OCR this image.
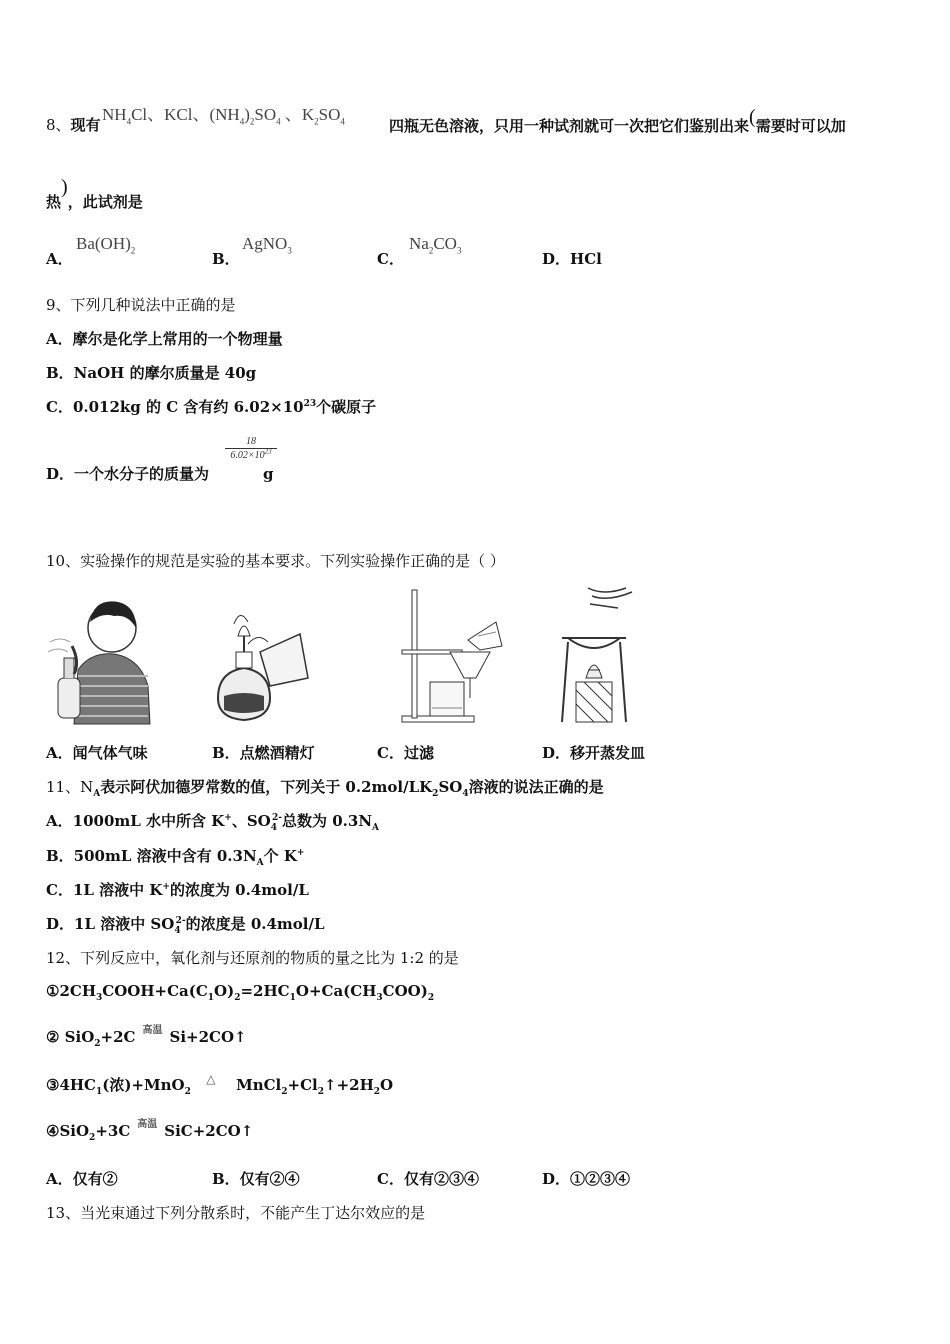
8、现有
$NH_4Cl$、KCl、$(NH_4)_2SO_4$ 、$K_2SO_4$	四瓶无色溶液，只用一种试剂就可一次把它们鉴别出来(需要时可以加
热)，此试剂是
A．
$Ba(OH)_2$	B．
AgNO$_3$	C．
$Na_2CO_3$	D．HCl
9、下列几种说法中正确的是
A．摩尔是化学上常用的一个物理量
B．NaOH 的摩尔质量是 40g
C．0.012kg 的 C 含有约 $6.02\times 10^{23}$个碳原子
D．一个水分子的质量为	g
18
$6.02\times 10^{23}$
10、实验操作的规范是实验的基本要求。下列实验操作正确的是（ ）
A．闻气体气味	B．点燃酒精灯	C．过滤	D．移开蒸发皿
11、$N_A$表示阿伏加德罗常数的值，下列关于 $0.2mol/LK_2SO_4$溶液的说法正确的是
A．1000mL 水中所含 K+、$SO_4^{2-}$总数为 $0.3N_A$
B．500mL 溶液中含有 $0.3N_A$个 K+
C．1L 溶液中 K+的浓度为 0.4mol/L
D．1L 溶液中 $SO_4^{2-}$的浓度是 0.4mol/L
12、下列反应中，氧化剂与还原剂的物质的量之比为 1:2 的是
$①2CH_3COOH+Ca(C_1O)_2=2HC_1O+Ca(CH_3COO)_2$
② SiO$_2$+2C 高温 Si+2CO↑
$③4HC_1$(浓)+MnO$_2$
△	$MnCl_2+Cl_2↑+2H_2O$
④SiO$_2$+3C 高温 SiC+2CO↑
A．仅有②	B．仅有②④	C．仅有②③④	D．①②③④
13、当光束通过下列分散系时，不能产生丁达尔效应的是
